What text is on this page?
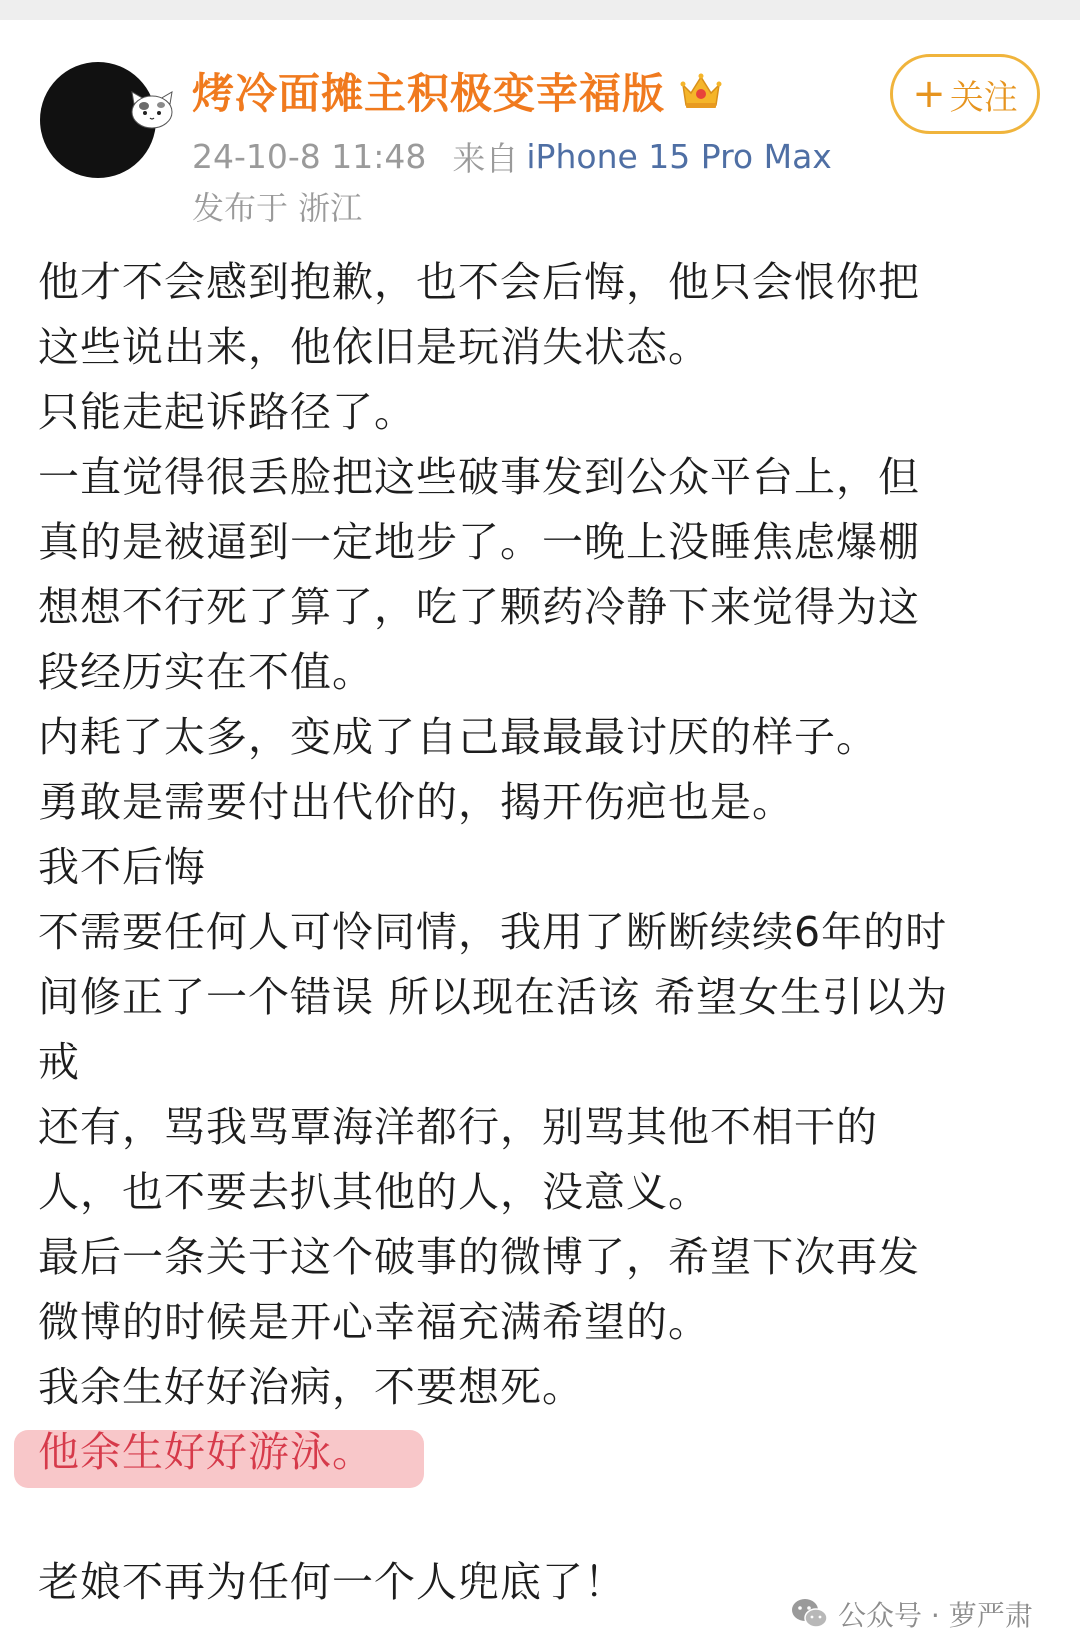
烤冷面摊主积极变幸福版
24-10-8 11:48 来自 iPhone 15 Pro Max
发布于 浙江
+ 关注
他才不会感到抱歉，也不会后悔，他只会恨你把
这些说出来，他依旧是玩消失状态。
只能走起诉路径了。
一直觉得很丢脸把这些破事发到公众平台上，但
真的是被逼到一定地步了。一晚上没睡焦虑爆棚
想想不行死了算了，吃了颗药冷静下来觉得为这
段经历实在不值。
内耗了太多，变成了自己最最最讨厌的样子。
勇敢是需要付出代价的，揭开伤疤也是。
我不后悔
不需要任何人可怜同情，我用了断断续续6年的时
间修正了一个错误 所以现在活该 希望女生引以为
戒
还有，骂我骂覃海洋都行，别骂其他不相干的
人，也不要去扒其他的人，没意义。
最后一条关于这个破事的微博了，希望下次再发
微博的时候是开心幸福充满希望的。
我余生好好治病，不要想死。
他余生好好游泳。
老娘不再为任何一个人兜底了！
公众号 · 萝严肃
